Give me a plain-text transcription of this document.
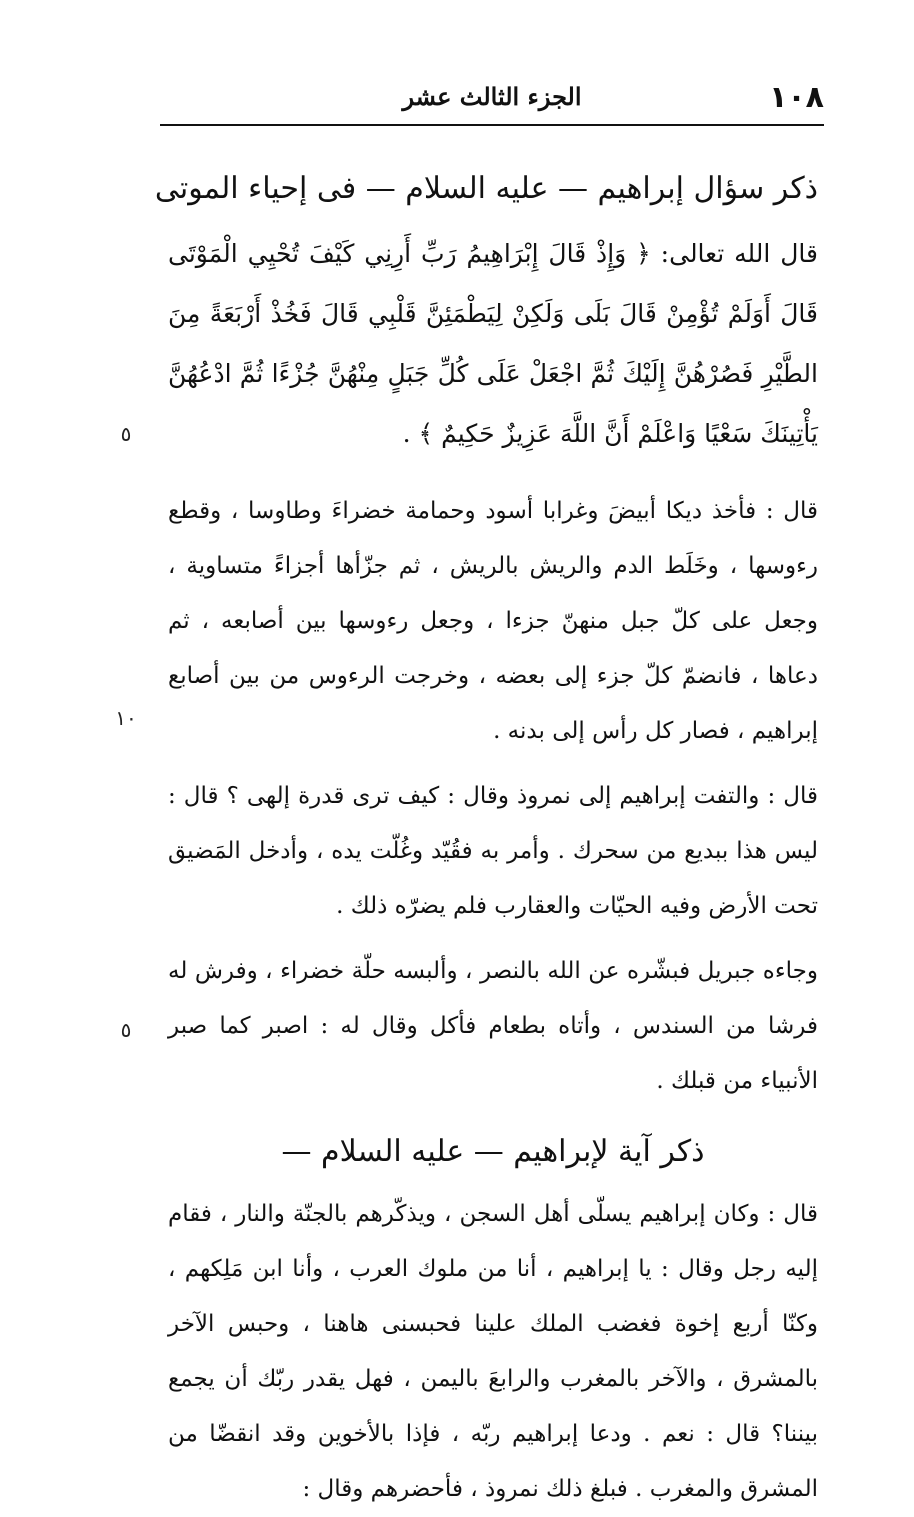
١٠٨
الجزء الثالث عشر
٥
١٠
٥
ذكر سؤال إبراهيم — عليه السلام — فى إحياء الموتى

قال الله تعالى: ﴿ وَإِذْ قَالَ إِبْرَاهِيمُ رَبِّ أَرِنِي كَيْفَ تُحْيِي الْمَوْتَى قَالَ أَوَلَمْ تُؤْمِنْ قَالَ بَلَى وَلَكِنْ لِيَطْمَئِنَّ قَلْبِي قَالَ فَخُذْ أَرْبَعَةً مِنَ الطَّيْرِ فَصُرْهُنَّ إِلَيْكَ ثُمَّ اجْعَلْ عَلَى كُلِّ جَبَلٍ مِنْهُنَّ جُزْءًا ثُمَّ ادْعُهُنَّ يَأْتِينَكَ سَعْيًا وَاعْلَمْ أَنَّ اللَّهَ عَزِيزٌ حَكِيمٌ ﴾ .

قال : فأخذ ديكا أبيضَ وغرابا أسود وحمامة خضراءَ وطاوسا ، وقطع رءوسها ، وخَلَط الدم والريش بالريش ، ثم جزّأها أجزاءً متساوية ، وجعل على كلّ جبل منهنّ جزءا ، وجعل رءوسها بين أصابعه ، ثم دعاها ، فانضمّ كلّ جزء إلى بعضه ، وخرجت الرءوس من بين أصابع إبراهيم ، فصار كل رأس إلى بدنه .

قال : والتفت إبراهيم إلى نمروذ وقال : كيف ترى قدرة إلهى ؟ قال : ليس هذا ببديع من سحرك . وأمر به فقُيّد وغُلّت يده ، وأدخل المَضيق تحت الأرض وفيه الحيّات والعقارب فلم يضرّه ذلك .

وجاءه جبريل فبشّره عن الله بالنصر ، وألبسه حلّة خضراء ، وفرش له فرشا من السندس ، وأتاه بطعام فأكل وقال له : اصبر كما صبر الأنبياء من قبلك .

ذكر آية لإبراهيم — عليه السلام —

قال : وكان إبراهيم يسلّى أهل السجن ، ويذكّرهم بالجنّة والنار ، فقام إليه رجل وقال : يا إبراهيم ، أنا من ملوك العرب ، وأنا ابن مَلِكهم ، وكنّا أربع إخوة فغضب الملك علينا فحبسنى هاهنا ، وحبس الآخر بالمشرق ، والآخر بالمغرب والرابعَ باليمن ، فهل يقدر ربّك أن يجمع بيننا؟ قال : نعم . ودعا إبراهيم ربّه ، فإذا بالأخوين وقد انقضّا من المشرق والمغرب . فبلغ ذلك نمروذ ، فأحضرهم وقال :
